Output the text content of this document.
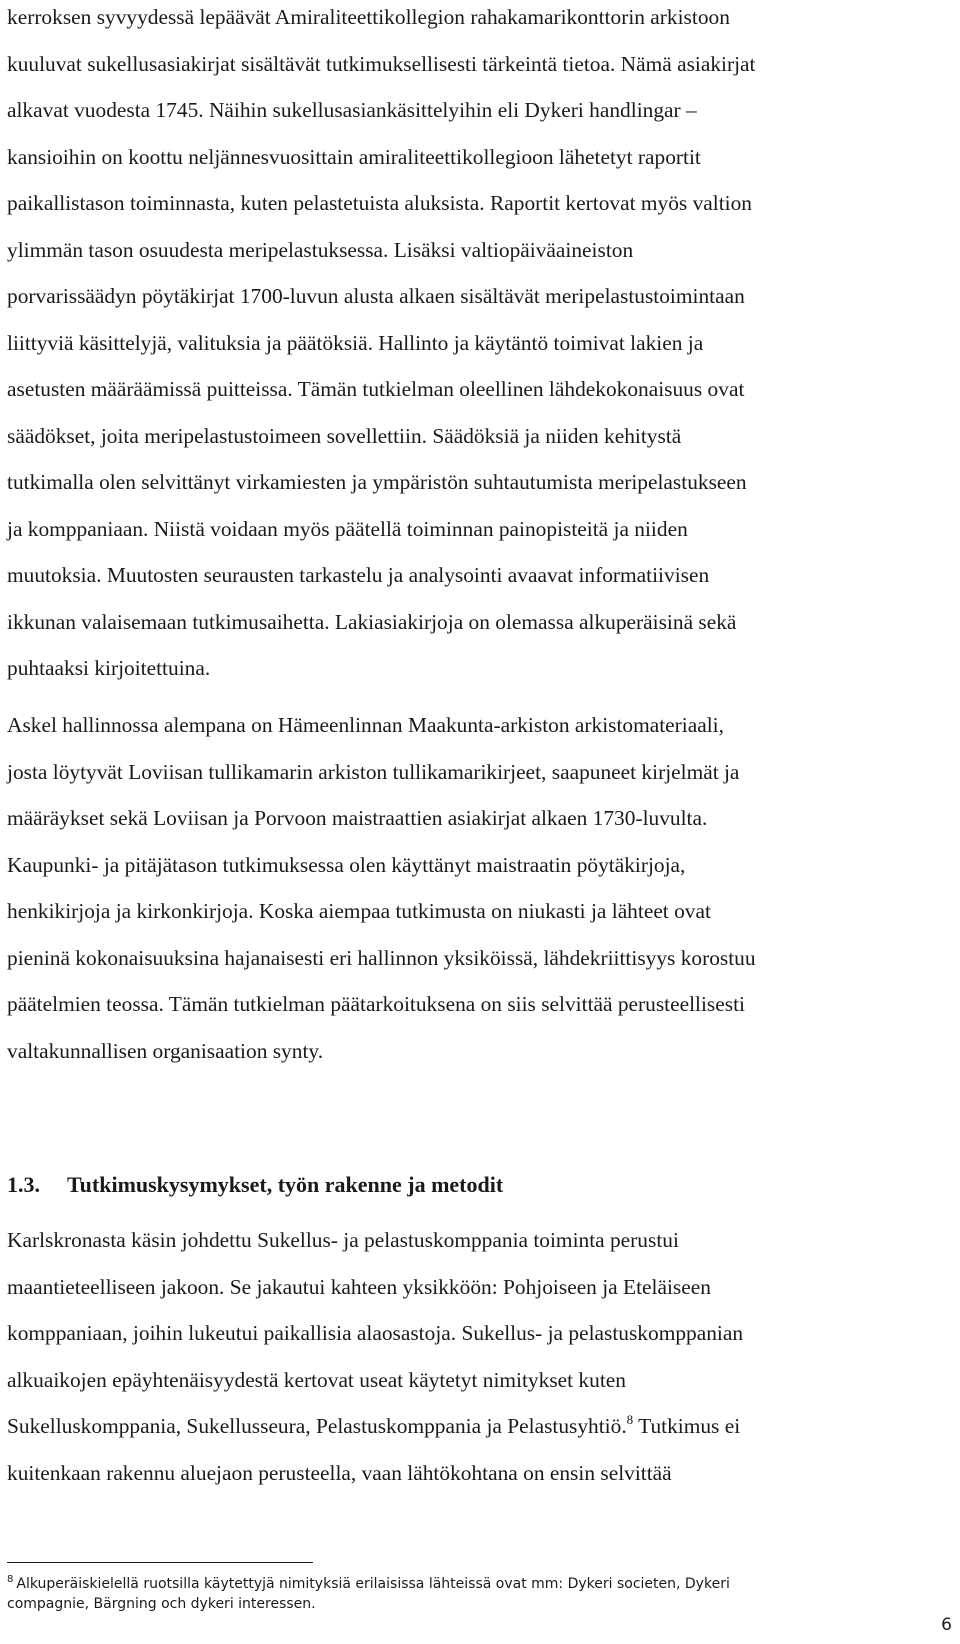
kerroksen syvyydessä lepäävät Amiraliteettikollegion rahakamarikonttorin arkistoon
kuuluvat sukellusasiakirjat sisältävät tutkimuksellisesti tärkeintä tietoa. Nämä asiakirjat
alkavat vuodesta 1745. Näihin sukellusasiankäsittelyihin eli Dykeri handlingar –
kansioihin on koottu neljännesvuosittain amiraliteettikollegioon lähetetyt raportit
paikallistason toiminnasta, kuten pelastetuista aluksista. Raportit kertovat myös valtion
ylimmän tason osuudesta meripelastuksessa. Lisäksi valtiopäiväaineiston
porvarissäädyn pöytäkirjat 1700-luvun alusta alkaen sisältävät meripelastustoimintaan
liittyviä käsittelyjä, valituksia ja päätöksiä. Hallinto ja käytäntö toimivat lakien ja
asetusten määräämissä puitteissa. Tämän tutkielman oleellinen lähdekokonaisuus ovat
säädökset, joita meripelastustoimeen sovellettiin. Säädöksiä ja niiden kehitystä
tutkimalla olen selvittänyt virkamiesten ja ympäristön suhtautumista meripelastukseen
ja komppaniaan. Niistä voidaan myös päätellä toiminnan painopisteitä ja niiden
muutoksia. Muutosten seurausten tarkastelu ja analysointi avaavat informatiivisen
ikkunan valaisemaan tutkimusaihetta. Lakiasiakirjoja on olemassa alkuperäisinä sekä
puhtaaksi kirjoitettuina.

Askel hallinnossa alempana on Hämeenlinnan Maakunta-arkiston arkistomateriaali,
josta löytyvät Loviisan tullikamarin arkiston tullikamarikirjeet, saapuneet kirjelmät ja
määräykset sekä Loviisan ja Porvoon maistraattien asiakirjat alkaen 1730-luvulta.
Kaupunki- ja pitäjätason tutkimuksessa olen käyttänyt maistraatin pöytäkirjoja,
henkikirjoja ja kirkonkirjoja. Koska aiempaa tutkimusta on niukasti ja lähteet ovat
pieninä kokonaisuuksina hajanaisesti eri hallinnon yksiköissä, lähdekriittisyys korostuu
päätelmien teossa. Tämän tutkielman päätarkoituksena on siis selvittää perusteellisesti
valtakunnallisen organisaation synty.

1.3. Tutkimuskysymykset, työn rakenne ja metodit

Karlskronasta käsin johdettu Sukellus- ja pelastuskomppania toiminta perustui
maantieteelliseen jakoon. Se jakautui kahteen yksikköön: Pohjoiseen ja Eteläiseen
komppaniaan, joihin lukeutui paikallisia alaosastoja. Sukellus- ja pelastuskomppanian
alkuaikojen epäyhtenäisyydestä kertovat useat käytetyt nimitykset kuten
Sukelluskomppania, Sukellusseura, Pelastuskomppania ja Pelastusyhtiö.$^8$ Tutkimus ei
kuitenkaan rakennu aluejaon perusteella, vaan lähtökohtana on ensin selvittää

$^8$ Alkuperäiskielellä ruotsilla käytettyjä nimityksiä erilaisissa lähteissä ovat mm: Dykeri societen, Dykeri
compagnie, Bärgning och dykeri interessen.

6
